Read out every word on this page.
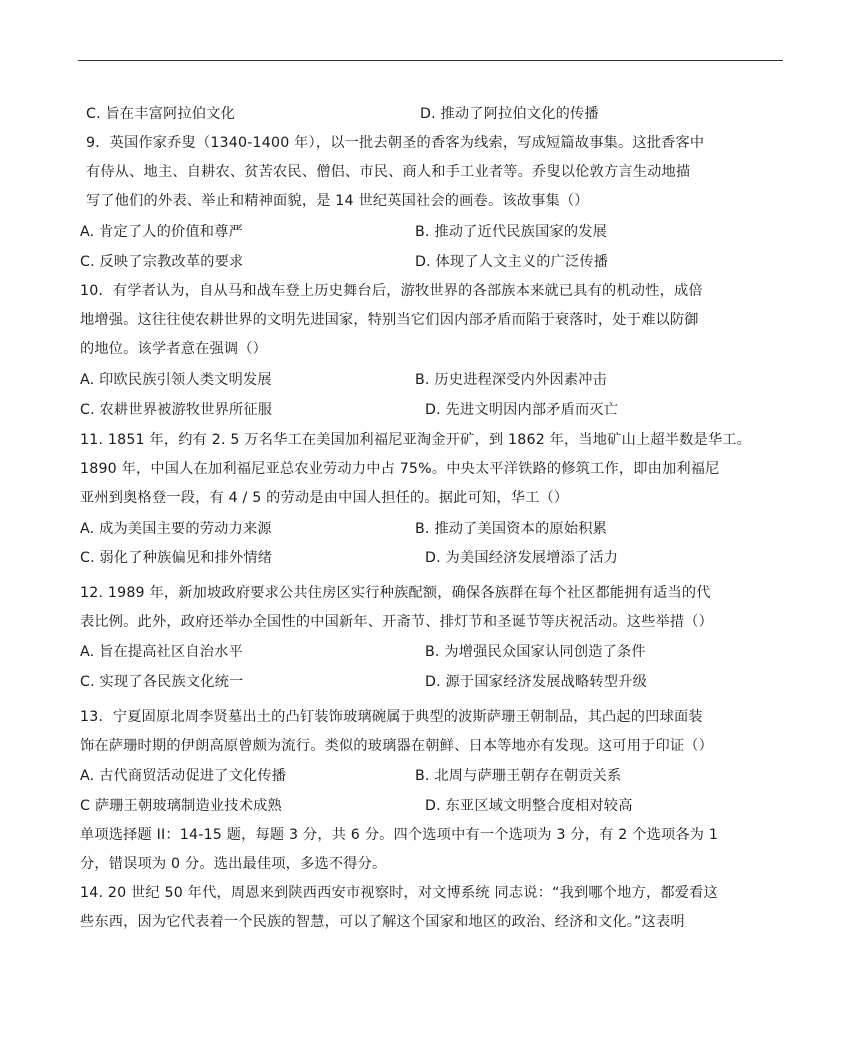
C. 旨在丰富阿拉伯文化	D. 推动了阿拉伯文化的传播
9．英国作家乔叟（1340-1400 年），以一批去朝圣的香客为线索，写成短篇故事集。这批香客中
有侍从、地主、自耕农、贫苦农民、僧侣、市民、商人和手工业者等。乔叟以伦敦方言生动地描
写了他们的外表、举止和精神面貌，是 14 世纪英国社会的画卷。该故事集（）
A. 肯定了人的价值和尊严	B. 推动了近代民族国家的发展
C. 反映了宗教改革的要求	D. 体现了人文主义的广泛传播
10．有学者认为，自从马和战车登上历史舞台后，游牧世界的各部族本来就已具有的机动性，成倍
地增强。这往往使农耕世界的文明先进国家，特别当它们因内部矛盾而陷于衰落时，处于难以防御
的地位。该学者意在强调（）
A. 印欧民族引领人类文明发展	B. 历史进程深受内外因素冲击
C. 农耕世界被游牧世界所征服	D. 先进文明因内部矛盾而灭亡
11. 1851 年，约有 2. 5 万名华工在美国加利福尼亚淘金开矿，到 1862 年，当地矿山上超半数是华工。
1890 年，中国人在加利福尼亚总农业劳动力中占 75%。中央太平洋铁路的修筑工作，即由加利福尼
亚州到奥格登一段，有 4 / 5 的劳动是由中国人担任的。据此可知，华工（）
A. 成为美国主要的劳动力来源	B. 推动了美国资本的原始积累
C. 弱化了种族偏见和排外情绪	D. 为美国经济发展增添了活力
12. 1989 年，新加坡政府要求公共住房区实行种族配额，确保各族群在每个社区都能拥有适当的代
表比例。此外，政府还举办全国性的中国新年、开斋节、排灯节和圣诞节等庆祝活动。这些举措（）
A. 旨在提高社区自治水平	B. 为增强民众国家认同创造了条件
C. 实现了各民族文化统一	D. 源于国家经济发展战略转型升级
13．宁夏固原北周李贤墓出土的凸钉装饰玻璃碗属于典型的波斯萨珊王朝制品，其凸起的凹球面装
饰在萨珊时期的伊朗高原曾颇为流行。类似的玻璃器在朝鲜、日本等地亦有发现。这可用于印证（）
A. 古代商贸活动促进了文化传播	B. 北周与萨珊王朝存在朝贡关系
C 萨珊王朝玻璃制造业技术成熟	D. 东亚区域文明整合度相对较高
单项选择题 II：14-15 题，每题 3 分，共 6 分。四个选项中有一个选项为 3 分，有 2 个选项各为 1
分，错误项为 0 分。选出最佳项，多选不得分。
14. 20 世纪 50 年代，周恩来到陕西西安市视察时，对文博系统 同志说：“我到哪个地方，都爱看这
些东西，因为它代表着一个民族的智慧，可以了解这个国家和地区的政治、经济和文化。”这表明
